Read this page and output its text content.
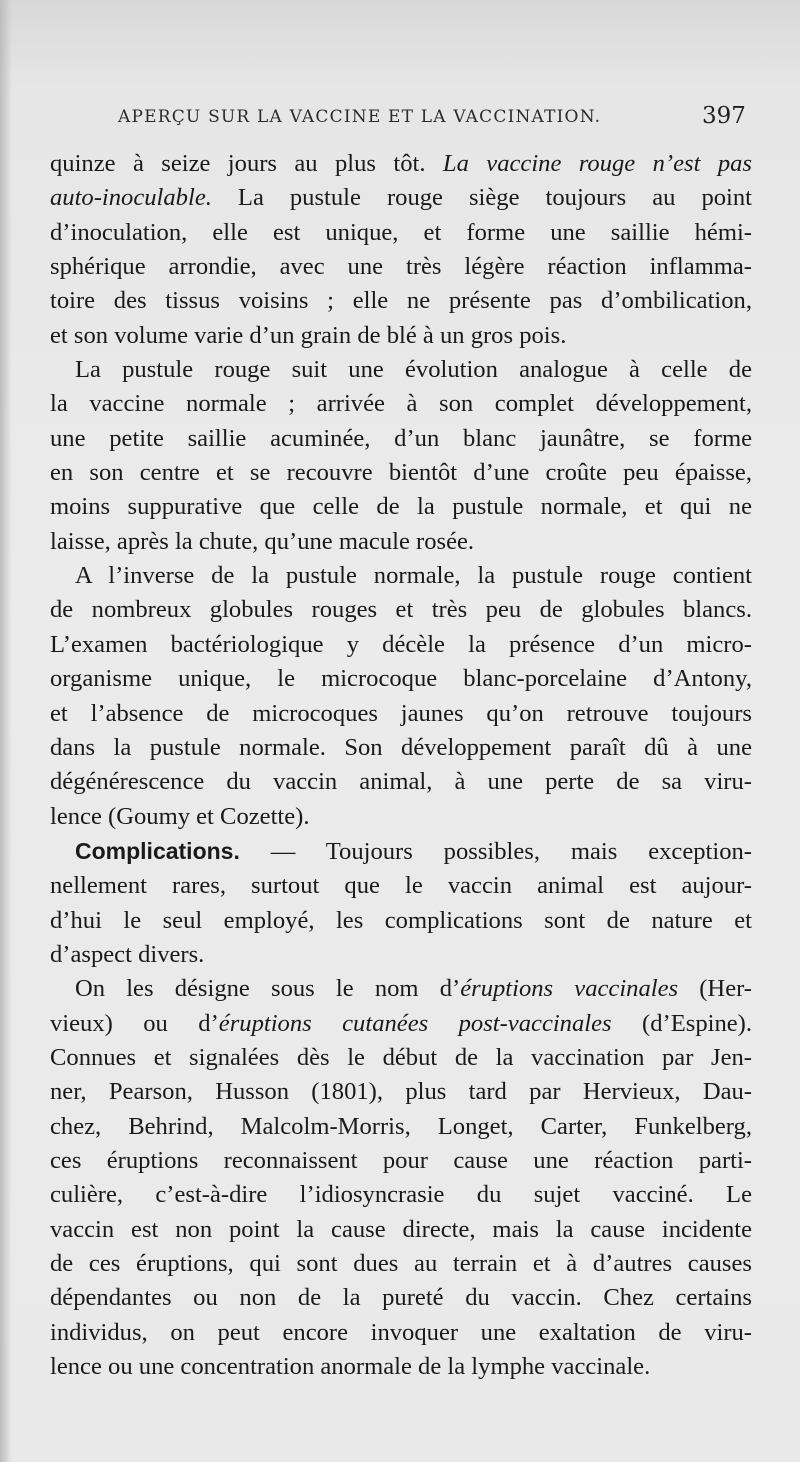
APERÇU SUR LA VACCINE ET LA VACCINATION.	397

quinze à seize jours au plus tôt. La vaccine rouge n’est pas

auto-inoculable. La pustule rouge siège toujours au point

d’inoculation, elle est unique, et forme une saillie hémi-

sphérique arrondie, avec une très légère réaction inflamma-

toire des tissus voisins ; elle ne présente pas d’ombilication,

et son volume varie d’un grain de blé à un gros pois.

La pustule rouge suit une évolution analogue à celle de

la vaccine normale ; arrivée à son complet développement,

une petite saillie acuminée, d’un blanc jaunâtre, se forme

en son centre et se recouvre bientôt d’une croûte peu épaisse,

moins suppurative que celle de la pustule normale, et qui ne

laisse, après la chute, qu’une macule rosée.

A l’inverse de la pustule normale, la pustule rouge contient

de nombreux globules rouges et très peu de globules blancs.

L’examen bactériologique y décèle la présence d’un micro-

organisme unique, le microcoque blanc-porcelaine d’Antony,

et l’absence de microcoques jaunes qu’on retrouve toujours

dans la pustule normale. Son développement paraît dû à une

dégénérescence du vaccin animal, à une perte de sa viru-

lence (Goumy et Cozette).

Complications. — Toujours possibles, mais exception-

nellement rares, surtout que le vaccin animal est aujour-

d’hui le seul employé, les complications sont de nature et

d’aspect divers.

On les désigne sous le nom d’éruptions vaccinales (Her-

vieux) ou d’éruptions cutanées post-vaccinales (d’Espine).

Connues et signalées dès le début de la vaccination par Jen-

ner, Pearson, Husson (1801), plus tard par Hervieux, Dau-

chez, Behrind, Malcolm-Morris, Longet, Carter, Funkelberg,

ces éruptions reconnaissent pour cause une réaction parti-

culière, c’est-à-dire l’idiosyncrasie du sujet vacciné. Le

vaccin est non point la cause directe, mais la cause incidente

de ces éruptions, qui sont dues au terrain et à d’autres causes

dépendantes ou non de la pureté du vaccin. Chez certains

individus, on peut encore invoquer une exaltation de viru-

lence ou une concentration anormale de la lymphe vaccinale.
